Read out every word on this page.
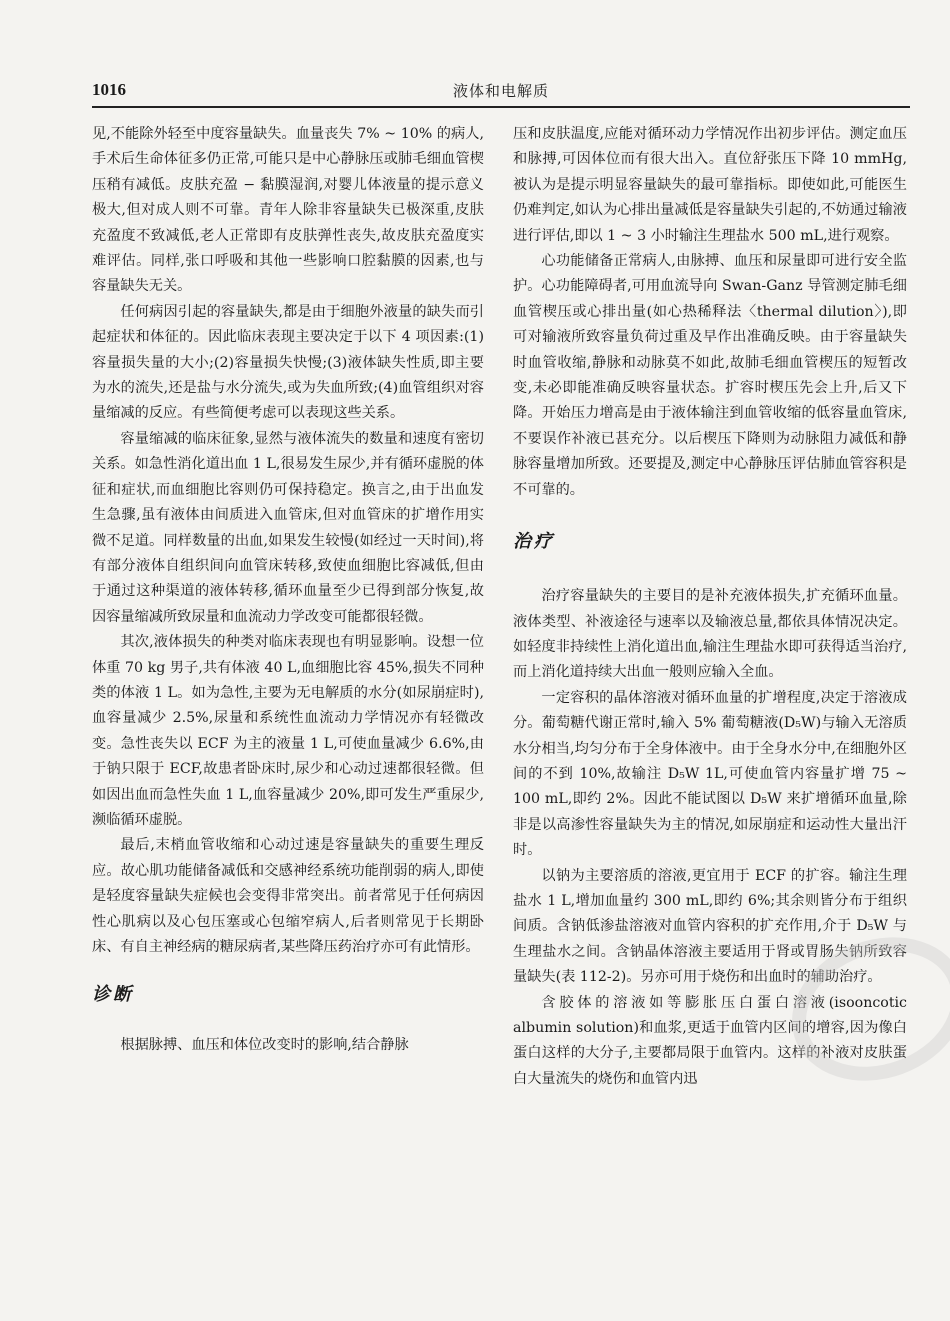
1016	液体和电解质

见,不能除外轻至中度容量缺失。血量丧失 7% ~ 10% 的病人,手术后生命体征多仍正常,可能只是中心静脉压或肺毛细血管楔压稍有减低。皮肤充盈 − 黏膜湿润,对婴儿体液量的提示意义极大,但对成人则不可靠。青年人除非容量缺失已极深重,皮肤充盈度不致减低,老人正常即有皮肤弹性丧失,故皮肤充盈度实难评估。同样,张口呼吸和其他一些影响口腔黏膜的因素,也与容量缺失无关。

任何病因引起的容量缺失,都是由于细胞外液量的缺失而引起症状和体征的。因此临床表现主要决定于以下 4 项因素:(1)容量损失量的大小;(2)容量损失快慢;(3)液体缺失性质,即主要为水的流失,还是盐与水分流失,或为失血所致;(4)血管组织对容量缩减的反应。有些简便考虑可以表现这些关系。

容量缩减的临床征象,显然与液体流失的数量和速度有密切关系。如急性消化道出血 1 L,很易发生尿少,并有循环虚脱的体征和症状,而血细胞比容则仍可保持稳定。换言之,由于出血发生急骤,虽有液体由间质进入血管床,但对血管床的扩增作用实微不足道。同样数量的出血,如果发生较慢(如经过一天时间),将有部分液体自组织间向血管床转移,致使血细胞比容减低,但由于通过这种渠道的液体转移,循环血量至少已得到部分恢复,故因容量缩减所致尿量和血流动力学改变可能都很轻微。

其次,液体损失的种类对临床表现也有明显影响。设想一位体重 70 kg 男子,共有体液 40 L,血细胞比容 45%,损失不同种类的体液 1 L。如为急性,主要为无电解质的水分(如尿崩症时),血容量减少 2.5%,尿量和系统性血流动力学情况亦有轻微改变。急性丧失以 ECF 为主的液量 1 L,可使血量减少 6.6%,由于钠只限于 ECF,故患者卧床时,尿少和心动过速都很轻微。但如因出血而急性失血 1 L,血容量减少 20%,即可发生严重尿少,濒临循环虚脱。

最后,末梢血管收缩和心动过速是容量缺失的重要生理反应。故心肌功能储备减低和交感神经系统功能削弱的病人,即使是轻度容量缺失症候也会变得非常突出。前者常见于任何病因性心肌病以及心包压塞或心包缩窄病人,后者则常见于长期卧床、有自主神经病的糖尿病者,某些降压药治疗亦可有此情形。

诊断

根据脉搏、血压和体位改变时的影响,结合静脉

压和皮肤温度,应能对循环动力学情况作出初步评估。测定血压和脉搏,可因体位而有很大出入。直位舒张压下降 10 mmHg,被认为是提示明显容量缺失的最可靠指标。即使如此,可能医生仍难判定,如认为心排出量减低是容量缺失引起的,不妨通过输液进行评估,即以 1 ~ 3 小时输注生理盐水 500 mL,进行观察。

心功能储备正常病人,由脉搏、血压和尿量即可进行安全监护。心功能障碍者,可用血流导向 Swan-Ganz 导管测定肺毛细血管楔压或心排出量(如心热稀释法〈thermal dilution〉),即可对输液所致容量负荷过重及早作出准确反映。由于容量缺失时血管收缩,静脉和动脉莫不如此,故肺毛细血管楔压的短暂改变,未必即能准确反映容量状态。扩容时楔压先会上升,后又下降。开始压力增高是由于液体输注到血管收缩的低容量血管床,不要误作补液已甚充分。以后楔压下降则为动脉阻力减低和静脉容量增加所致。还要提及,测定中心静脉压评估肺血管容积是不可靠的。

治疗

治疗容量缺失的主要目的是补充液体损失,扩充循环血量。液体类型、补液途径与速率以及输液总量,都依具体情况决定。如轻度非持续性上消化道出血,输注生理盐水即可获得适当治疗,而上消化道持续大出血一般则应输入全血。

一定容积的晶体溶液对循环血量的扩增程度,决定于溶液成分。葡萄糖代谢正常时,输入 5% 葡萄糖液(D₅W)与输入无溶质水分相当,均匀分布于全身体液中。由于全身水分中,在细胞外区间的不到 10%,故输注 D₅W 1L,可使血管内容量扩增 75 ~ 100 mL,即约 2%。因此不能试图以 D₅W 来扩增循环血量,除非是以高渗性容量缺失为主的情况,如尿崩症和运动性大量出汗时。

以钠为主要溶质的溶液,更宜用于 ECF 的扩容。输注生理盐水 1 L,增加血量约 300 mL,即约 6%;其余则皆分布于组织间质。含钠低渗盐溶液对血管内容积的扩充作用,介于 D₅W 与生理盐水之间。含钠晶体溶液主要适用于肾或胃肠失钠所致容量缺失(表 112-2)。另亦可用于烧伤和出血时的辅助治疗。

含胶体的溶液如等膨胀压白蛋白溶液(isooncotic albumin solution)和血浆,更适于血管内区间的增容,因为像白蛋白这样的大分子,主要都局限于血管内。这样的补液对皮肤蛋白大量流失的烧伤和血管内迅
